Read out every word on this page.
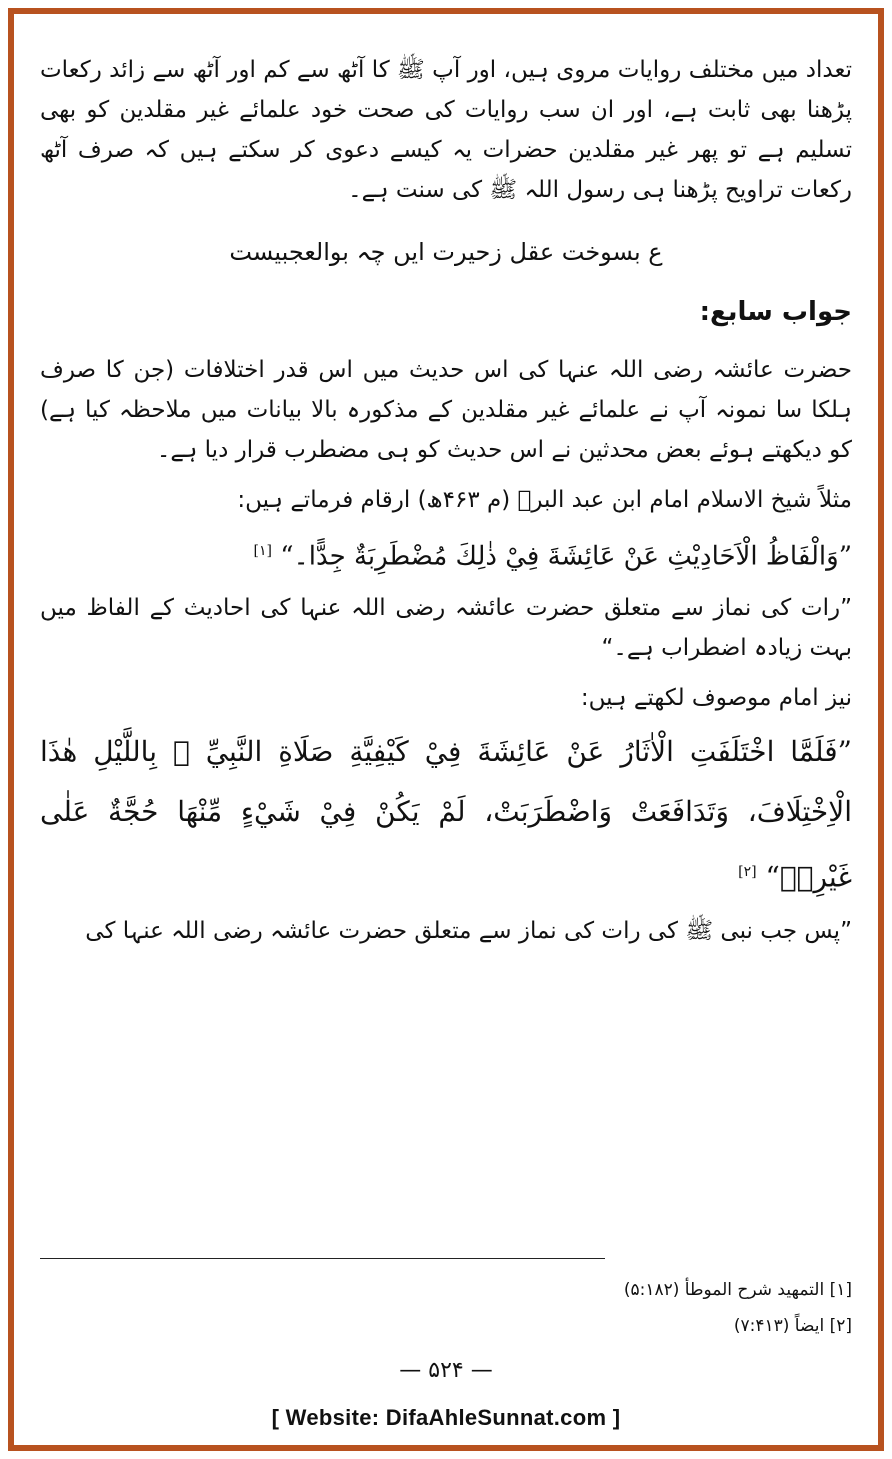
تعداد میں مختلف روایات مروی ہیں، اور آپ ﷺ کا آٹھ سے کم اور آٹھ سے زائد رکعات پڑھنا بھی ثابت ہے، اور ان سب روایات کی صحت خود علمائے غیر مقلدین کو بھی تسلیم ہے تو پھر غیر مقلدین حضرات یہ کیسے دعوی کر سکتے ہیں کہ صرف آٹھ رکعات تراویح پڑھنا ہی رسول اللہ ﷺ کی سنت ہے۔

ع بسوخت عقل زحیرت ایں چہ بوالعجبیست
جواب سابع:

حضرت عائشہ رضی اللہ عنہا کی اس حدیث میں اس قدر اختلافات (جن کا صرف ہلکا سا نمونہ آپ نے علمائے غیر مقلدین کے مذکورہ بالا بیانات میں ملاحظہ کیا ہے) کو دیکھتے ہوئے بعض محدثین نے اس حدیث کو ہی مضطرب قرار دیا ہے۔

مثلاً شیخ الاسلام امام ابن عبد البرؒ (م ۴۶۳ھ) ارقام فرماتے ہیں:

”وَالْفَاظُ الْاَحَادِيْثِ عَنْ عَائِشَةَ فِيْ ذٰلِكَ مُضْطَرِبَةٌ جِدًّا۔“ [۱]

”رات کی نماز سے متعلق حضرت عائشہ رضی اللہ عنہا کی احادیث کے الفاظ میں بہت زیادہ اضطراب ہے۔“

نیز امام موصوف لکھتے ہیں:

”فَلَمَّا اخْتَلَفَتِ الْاٰثَارُ عَنْ عَائِشَةَ فِيْ كَيْفِيَّةِ صَلَاةِ النَّبِيِّ ﷺ بِاللَّيْلِ هٰذَا الْاِخْتِلَافَ، وَتَدَافَعَتْ وَاضْطَرَبَتْ، لَمْ يَكُنْ فِيْ شَيْءٍ مِّنْهَا حُجَّةٌ عَلٰى غَيْرِهٖ“ [۲]

”پس جب نبی ﷺ کی رات کی نماز سے متعلق حضرت عائشہ رضی اللہ عنہا کی

[۱] التمهید شرح الموطأ (۵:۱۸۲)
[۲] ایضاً (۷:۴۱۳)
— ۵۲۴ —
[ Website: DifaAhleSunnat.com ]
